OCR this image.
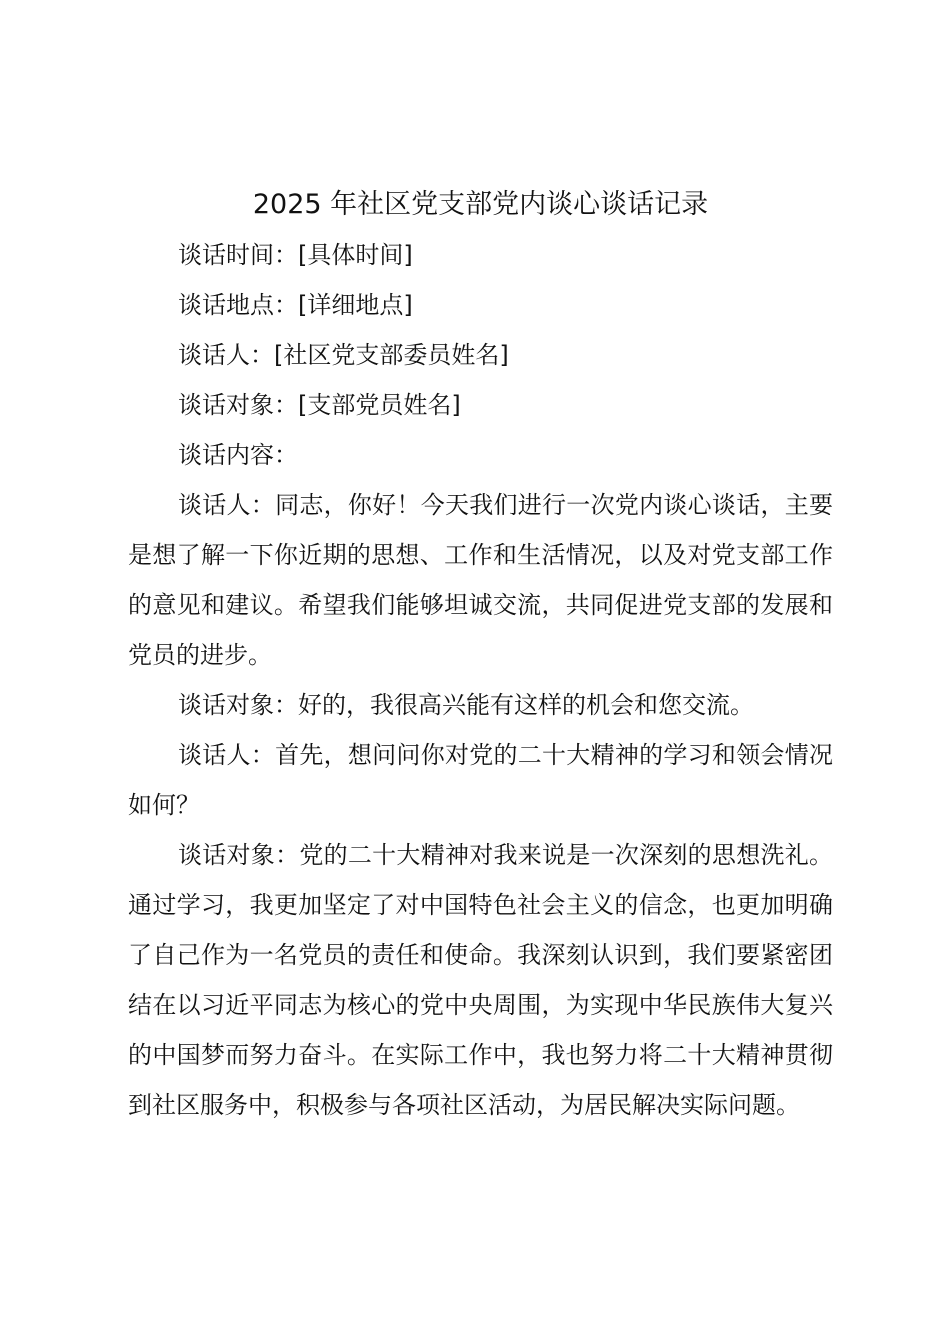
2025 年社区党支部党内谈心谈话记录

谈话时间：[具体时间]

谈话地点：[详细地点]

谈话人：[社区党支部委员姓名]

谈话对象：[支部党员姓名]

谈话内容：

谈话人：同志，你好！今天我们进行一次党内谈心谈话，主要是想了解一下你近期的思想、工作和生活情况，以及对党支部工作的意见和建议。希望我们能够坦诚交流，共同促进党支部的发展和党员的进步。

谈话对象：好的，我很高兴能有这样的机会和您交流。

谈话人：首先，想问问你对党的二十大精神的学习和领会情况如何？

谈话对象：党的二十大精神对我来说是一次深刻的思想洗礼。通过学习，我更加坚定了对中国特色社会主义的信念，也更加明确了自己作为一名党员的责任和使命。我深刻认识到，我们要紧密团结在以习近平同志为核心的党中央周围，为实现中华民族伟大复兴的中国梦而努力奋斗。在实际工作中，我也努力将二十大精神贯彻到社区服务中，积极参与各项社区活动，为居民解决实际问题。
